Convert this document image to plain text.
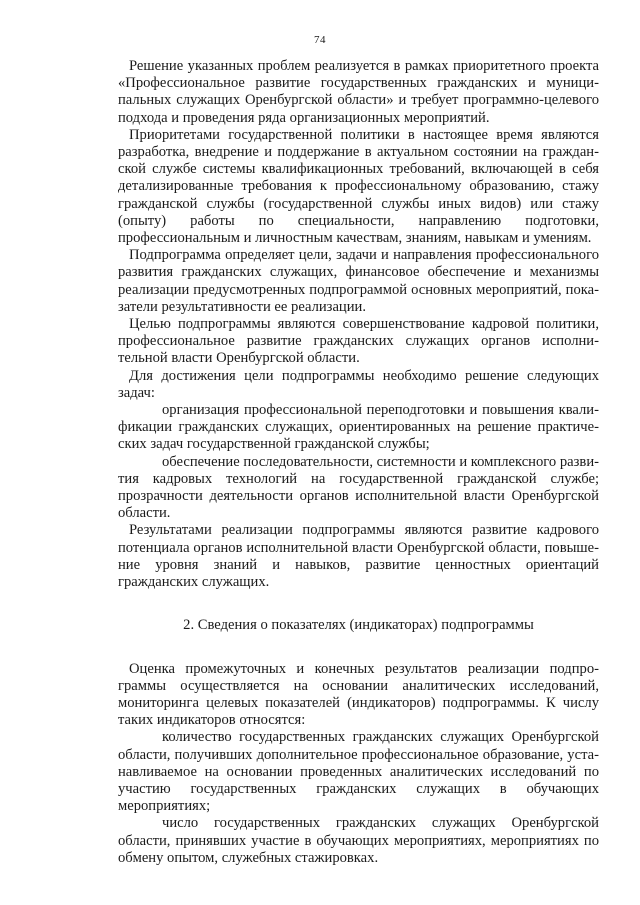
74

Решение указанных проблем реализуется в рамках приоритетного проекта «Профессиональное развитие государственных гражданских и муниципальных служащих Оренбургской области» и требует программно-целевого подхода и проведения ряда организационных мероприятий.

Приоритетами государственной политики в настоящее время являются разработка, внедрение и поддержание в актуальном состоянии на гражданской службе системы квалификационных требований, включающей в себя детализированные требования к профессиональному образованию, стажу гражданской службы (государственной службы иных видов) или стажу (опыту) работы по специальности, направлению подготовки, профессиональным и личностным качествам, знаниям, навыкам и умениям.

Подпрограмма определяет цели, задачи и направления профессионального развития гражданских служащих, финансовое обеспечение и механизмы реализации предусмотренных подпрограммой основных мероприятий, показатели результативности ее реализации.

Целью подпрограммы являются совершенствование кадровой политики, профессиональное развитие гражданских служащих органов исполнительной власти Оренбургской области.

Для достижения цели подпрограммы необходимо решение следующих задач:

организация профессиональной переподготовки и повышения квалификации гражданских служащих, ориентированных на решение практических задач государственной гражданской службы;

обеспечение последовательности, системности и комплексного развития кадровых технологий на государственной гражданской службе; прозрачности деятельности органов исполнительной власти Оренбургской области.

Результатами реализации подпрограммы являются развитие кадрового потенциала органов исполнительной власти Оренбургской области, повышение уровня знаний и навыков, развитие ценностных ориентаций гражданских служащих.

2. Сведения о показателях (индикаторах) подпрограммы

Оценка промежуточных и конечных результатов реализации подпрограммы осуществляется на основании аналитических исследований, мониторинга целевых показателей (индикаторов) подпрограммы. К числу таких индикаторов относятся:

количество государственных гражданских служащих Оренбургской области, получивших дополнительное профессиональное образование, устанавливаемое на основании проведенных аналитических исследований по участию государственных гражданских служащих в обучающих мероприятиях;

число государственных гражданских служащих Оренбургской области, принявших участие в обучающих мероприятиях, мероприятиях по обмену опытом, служебных стажировках.
